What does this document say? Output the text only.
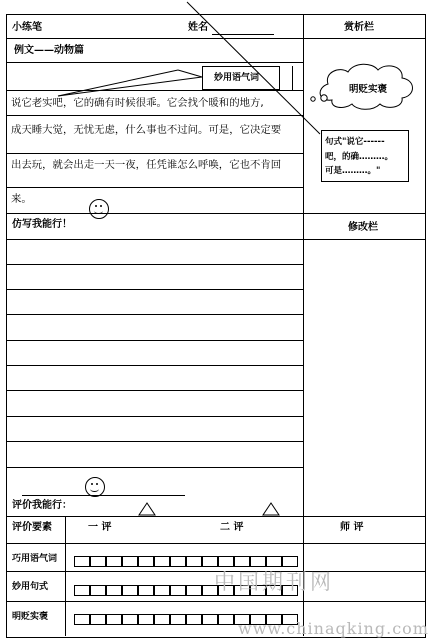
小练笔	姓名	赏析栏
例文——动物篇
妙用语气词
说它老实吧，它的确有时候很乖。它会找个暖和的地方,
成天睡大觉，无忧无虑，什么事也不过问。可是，它决定要
出去玩，就会出走一天一夜，任凭谁怎么呼唤，它也不肯回
来。
明贬实褒
句式"说它------
吧，的确………。
可是………。"
仿写我能行！	修改栏
评价我能行：
评价要素	一 评	二 评	师 评
巧用语气词
妙用句式
明贬实褒
中国期刊网
www.chinaqking.com
